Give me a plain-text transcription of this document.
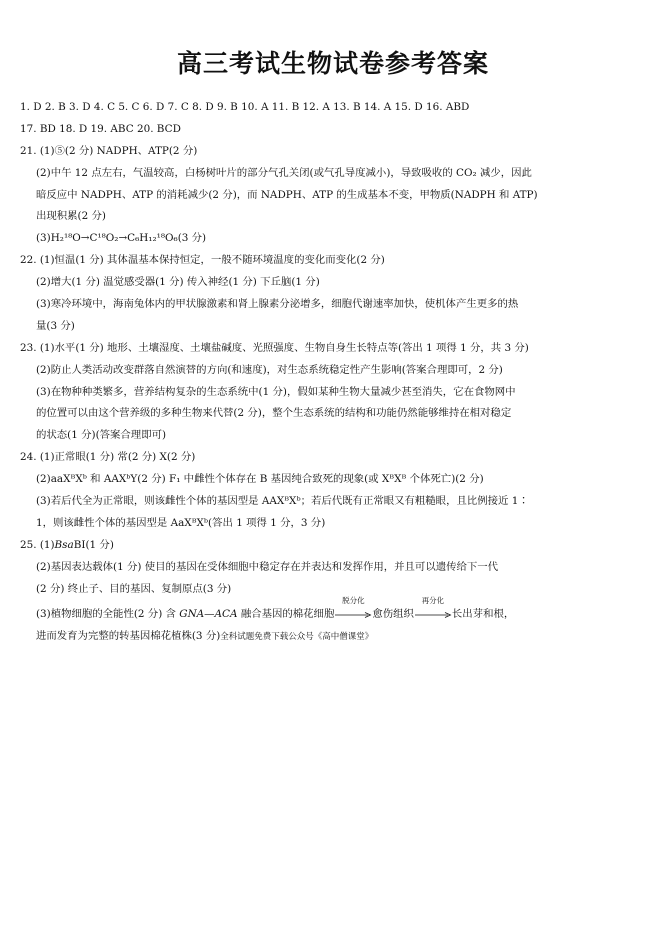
高三考试生物试卷参考答案
1. D 2. B 3. D 4. C 5. C 6. D 7. C 8. D 9. B 10. A 11. B 12. A 13. B 14. A 15. D 16. ABD
17. BD 18. D 19. ABC 20. BCD
21. (1)⑤(2 分) NADPH、ATP(2 分)
(2)中午 12 点左右，气温较高，白杨树叶片的部分气孔关闭(或气孔导度减小)，导致吸收的 CO₂ 减少，因此
暗反应中 NADPH、ATP 的消耗减少(2 分)，而 NADPH、ATP 的生成基本不变，甲物质(NADPH 和 ATP)
出现积累(2 分)
(3)H₂¹⁸O→C¹⁸O₂→C₆H₁₂¹⁸O₆(3 分)
22. (1)恒温(1 分) 其体温基本保持恒定，一般不随环境温度的变化而变化(2 分)
(2)增大(1 分) 温觉感受器(1 分) 传入神经(1 分) 下丘脑(1 分)
(3)寒冷环境中，海南兔体内的甲状腺激素和肾上腺素分泌增多，细胞代谢速率加快，使机体产生更多的热
量(3 分)
23. (1)水平(1 分) 地形、土壤湿度、土壤盐碱度、光照强度、生物自身生长特点等(答出 1 项得 1 分，共 3 分)
(2)防止人类活动改变群落自然演替的方向(和速度)，对生态系统稳定性产生影响(答案合理即可，2 分)
(3)在物种种类繁多，营养结构复杂的生态系统中(1 分)，假如某种生物大量减少甚至消失，它在食物网中
的位置可以由这个营养级的多种生物来代替(2 分)，整个生态系统的结构和功能仍然能够维持在相对稳定
的状态(1 分)(答案合理即可)
24. (1)正常眼(1 分) 常(2 分) X(2 分)
(2)aaXᴮXᵇ 和 AAXᵇY(2 分) F₁ 中雌性个体存在 B 基因纯合致死的现象(或 XᴮXᴮ 个体死亡)(2 分)
(3)若后代全为正常眼，则该雌性个体的基因型是 AAXᴮXᵇ；若后代既有正常眼又有粗糙眼，且比例接近 1∶
1，则该雌性个体的基因型是 AaXᴮXᵇ(答出 1 项得 1 分，3 分)
25. (1)BsaBⅠ(1 分)
(2)基因表达载体(1 分) 使目的基因在受体细胞中稳定存在并表达和发挥作用，并且可以遗传给下一代
(2 分) 终止子、目的基因、复制原点(3 分)
(3)植物细胞的全能性(2 分) 含 GNA—ACA 融合基因的棉花细胞
脱分化
愈伤组织
再分化
长出芽和根，
进而发育为完整的转基因棉花植株(3 分)全科试题免费下载公众号《高中僧课堂》
